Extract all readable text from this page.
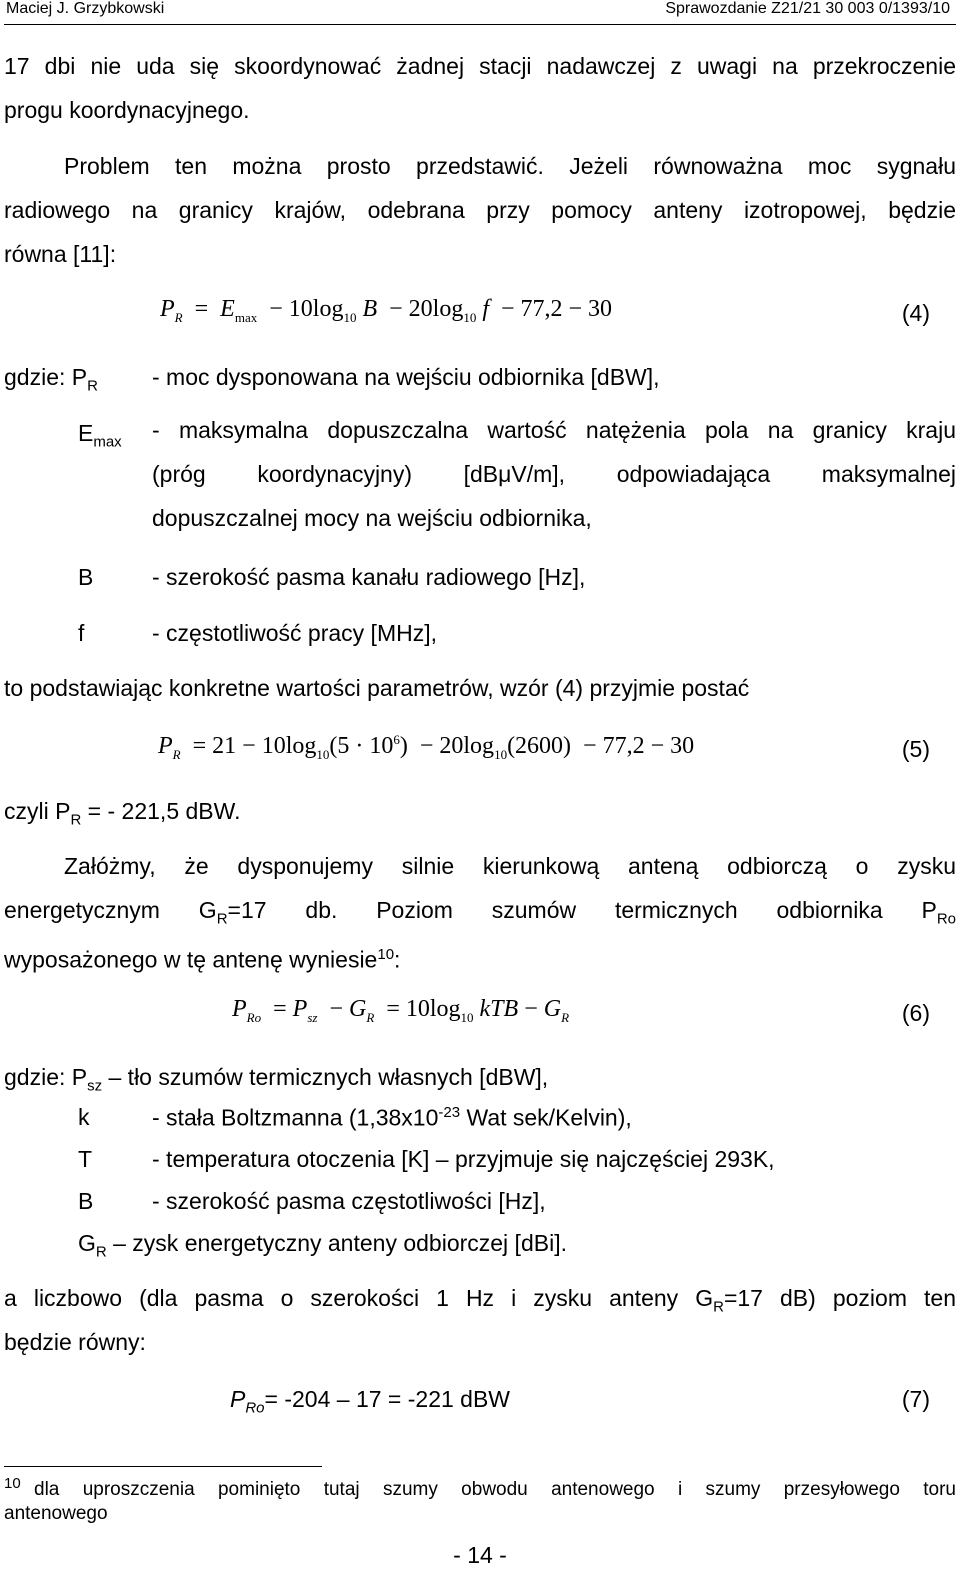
Maciej J. Grzybkowski	Sprawozdanie Z21/21 30 003 0/1393/10
17 dbi nie uda się skoordynować żadnej stacji nadawczej z uwagi na przekroczenie
progu koordynacyjnego.
Problem ten można prosto przedstawić. Jeżeli równoważna moc sygnału
radiowego na granicy krajów, odebrana przy pomocy anteny izotropowej, będzie
równa [11]:
$P_R = E_{max} - 10\log_{10}$ $B - 20\log_{10}$ f  − 77,2 − 30	(4)
gdzie: $P_R$ - moc dysponowana na wejściu odbiornika [dBW],
$E_{max}$ - maksymalna dopuszczalna wartość natężenia pola na granicy kraju
(próg koordynacyjny) [dBμV/m], odpowiadająca maksymalnej
dopuszczalnej mocy na wejściu odbiornika,
B	- szerokość pasma kanału radiowego [Hz],
f	- częstotliwość pracy [MHz],
to podstawiając konkretne wartości parametrów, wzór (4) przyjmie postać
$P_R = 21 - 10\log_{10}(5 \cdot 10^6) - 20\log_{10}(2600) - 77,2 - 30$	(5)
czyli $P_R$ = - 221,5 dBW.
Załóżmy, że dysponujemy silnie kierunkową anteną odbiorczą o zysku
energetycznym $G_R=17$ db. Poziom szumów termicznych odbiornika $P_{Ro}$
wyposażonego w tę antenę wyniesie$^{10}$:
$P_{Ro} = P_{sz} - G_R = 10\log_{10}$ kTB − $G_R$	(6)
gdzie: $P_{sz}$ – tło szumów termicznych własnych [dBW],
k	- stała Boltzmanna ($1,38x10^{-23}$ Wat sek/Kelvin),
T	- temperatura otoczenia [K] – przyjmuje się najczęściej 293K,
B	- szerokość pasma częstotliwości [Hz],
$G_R$ – zysk energetyczny anteny odbiorczej [dBi].
a liczbowo (dla pasma o szerokości 1 Hz i zysku anteny $G_R=17$ dB) poziom ten
będzie równy:
$P_{Ro}= -204 - 17 = -221$ dBW	(7)
$^{10}$ dla uproszczenia pominięto tutaj szumy obwodu antenowego i szumy przesyłowego toru
antenowego
- 14 -
